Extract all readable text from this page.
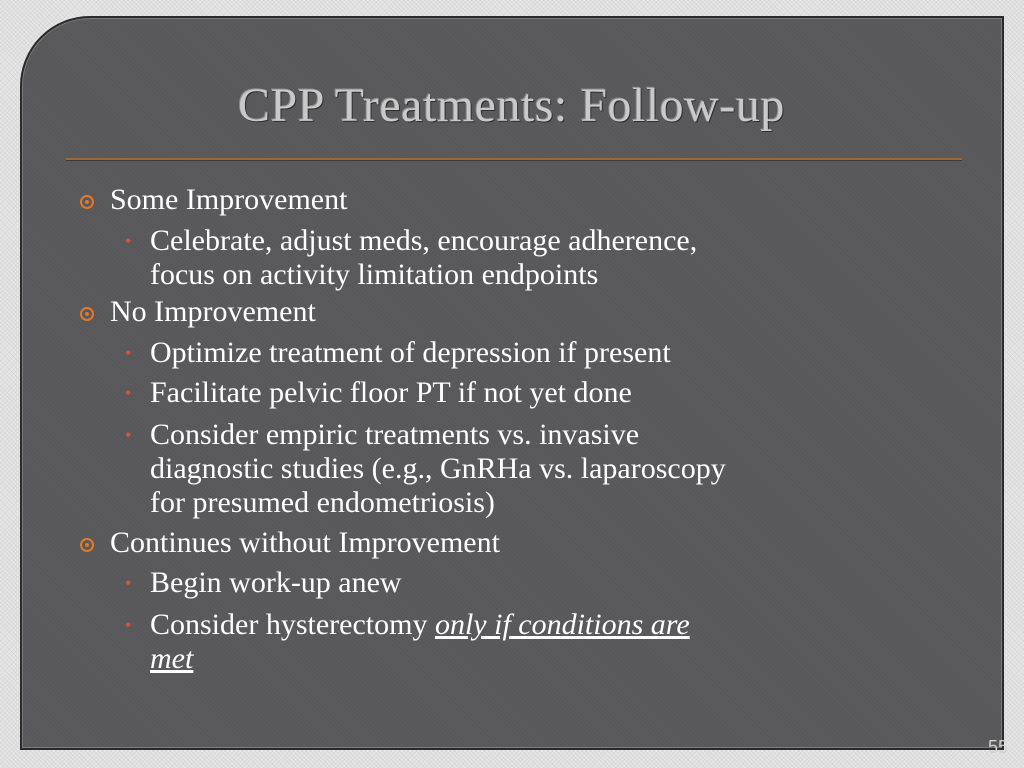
CPP Treatments: Follow-up
Some Improvement
• Celebrate, adjust meds, encourage adherence,
focus on activity limitation endpoints
No Improvement
• Optimize treatment of depression if present
• Facilitate pelvic floor PT if not yet done
• Consider empiric treatments vs. invasive
diagnostic studies (e.g., GnRHa vs. laparoscopy
for presumed endometriosis)
Continues without Improvement
• Begin work-up anew
• Consider hysterectomy only if conditions are
met
55
